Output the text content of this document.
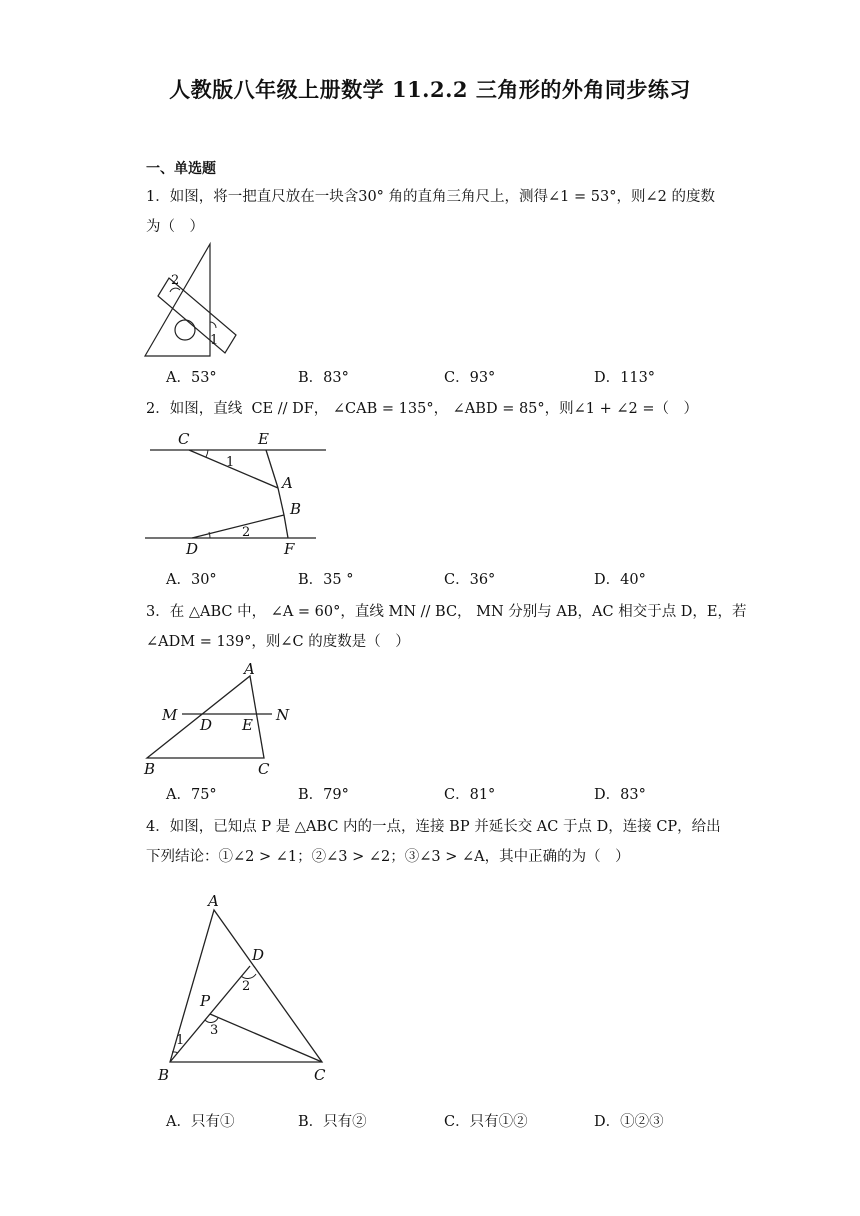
人教版八年级上册数学 11.2.2 三角形的外角同步练习
一、单选题
1．如图，将一把直尺放在一块含30° 角的直角三角尺上，测得∠1 = 53°，则∠2 的度数
为（　）
2
1
A．53°	B．83°	C．93°	D．113°
2．如图，直线  CE // DF， ∠CAB = 135°， ∠ABD = 85°，则∠1 + ∠2 =（　）
C	E
1
A
B
D
2
F
A．30°	B．35 °	C．36°	D．40°
3．在 △ABC 中， ∠A = 60°，直线 MN // BC， MN 分别与 AB，AC 相交于点 D，E，若
∠ADM = 139°，则∠C 的度数是（　）
A
M
D E
N
B	C
A．75°	B．79°	C．81°	D．83°
4．如图，已知点 P 是 △ABC 内的一点，连接 BP 并延长交 AC 于点 D，连接 CP，给出
下列结论：①∠2 > ∠1；②∠3 > ∠2；③∠3 > ∠A，其中正确的为（　）
A
D
2
P
3
1
B	C
A．只有①	B．只有②	C．只有①②	D．①②③
